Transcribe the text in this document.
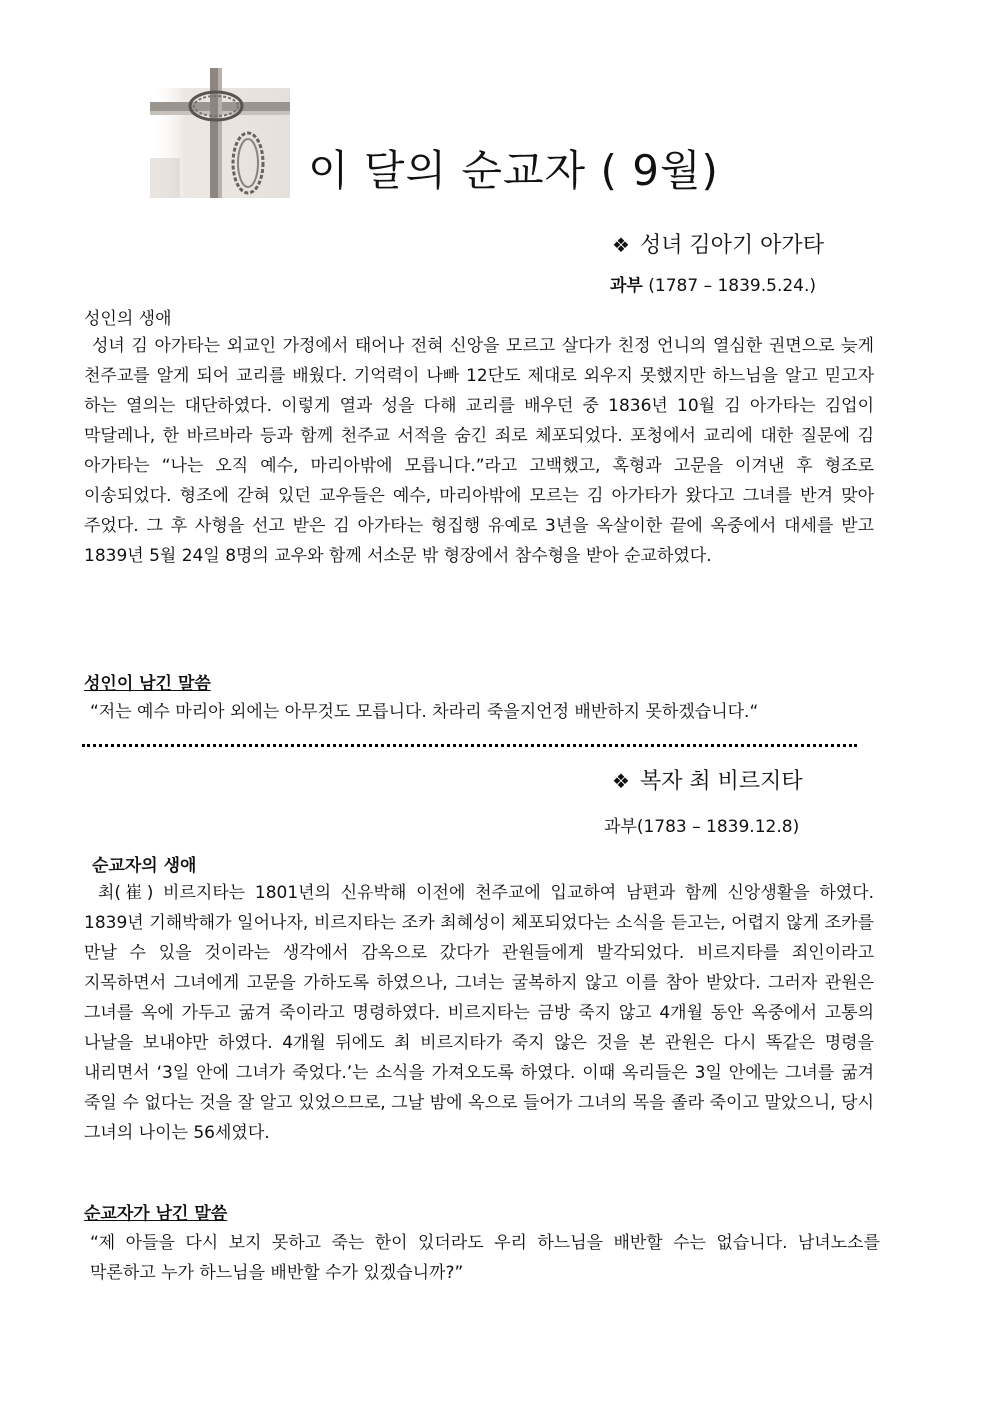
이 달의 순교자 ( 9월)
❖ 성녀 김아기 아가타
과부 (1787 – 1839.5.24.)
성인의 생애
성녀 김 아가타는 외교인 가정에서 태어나 전혀 신앙을 모르고 살다가 친정 언니의 열심한 권면으로 늦게 천주교를 알게 되어 교리를 배웠다. 기억력이 나빠 12단도 제대로 외우지 못했지만 하느님을 알고 믿고자 하는 열의는 대단하였다. 이렇게 열과 성을 다해 교리를 배우던 중 1836년 10월 김 아가타는 김업이 막달레나, 한 바르바라 등과 함께 천주교 서적을 숨긴 죄로 체포되었다. 포청에서 교리에 대한 질문에 김 아가타는 “나는 오직 예수, 마리아밖에 모릅니다.”라고 고백했고, 혹형과 고문을 이겨낸 후 형조로 이송되었다. 형조에 갇혀 있던 교우들은 예수, 마리아밖에 모르는 김 아가타가 왔다고 그녀를 반겨 맞아 주었다. 그 후 사형을 선고 받은 김 아가타는 형집행 유예로 3년을 옥살이한 끝에 옥중에서 대세를 받고 1839년 5월 24일 8명의 교우와 함께 서소문 밖 형장에서 참수형을 받아 순교하였다.
성인이 남긴 말씀
“저는 예수 마리아 외에는 아무것도 모릅니다. 차라리 죽을지언정 배반하지 못하겠습니다.“
❖ 복자 최 비르지타
과부(1783 – 1839.12.8)
순교자의 생애
최(崔) 비르지타는 1801년의 신유박해 이전에 천주교에 입교하여 남편과 함께 신앙생활을 하였다. 1839년 기해박해가 일어나자, 비르지타는 조카 최혜성이 체포되었다는 소식을 듣고는, 어렵지 않게 조카를 만날 수 있을 것이라는 생각에서 감옥으로 갔다가 관원들에게 발각되었다. 비르지타를 죄인이라고 지목하면서 그녀에게 고문을 가하도록 하였으나, 그녀는 굴복하지 않고 이를 참아 받았다. 그러자 관원은 그녀를 옥에 가두고 굶겨 죽이라고 명령하였다. 비르지타는 금방 죽지 않고 4개월 동안 옥중에서 고통의 나날을 보내야만 하였다. 4개월 뒤에도 최 비르지타가 죽지 않은 것을 본 관원은 다시 똑같은 명령을 내리면서 ‘3일 안에 그녀가 죽었다.’는 소식을 가져오도록 하였다. 이때 옥리들은 3일 안에는 그녀를 굶겨 죽일 수 없다는 것을 잘 알고 있었으므로, 그날 밤에 옥으로 들어가 그녀의 목을 졸라 죽이고 말았으니, 당시 그녀의 나이는 56세였다.
순교자가 남긴 말씀
“제 아들을 다시 보지 못하고 죽는 한이 있더라도 우리 하느님을 배반할 수는 없습니다. 남녀노소를 막론하고 누가 하느님을 배반할 수가 있겠습니까?”
